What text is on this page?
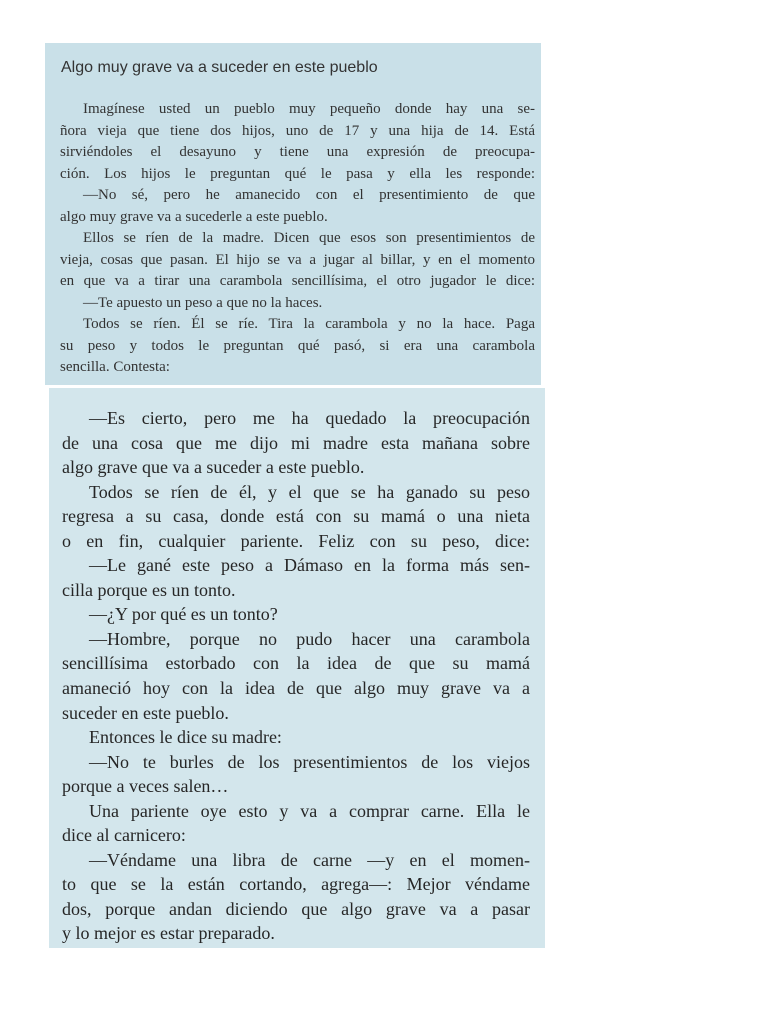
Algo muy grave va a suceder en este pueblo
Imagínese usted un pueblo muy pequeño donde hay una se-
ñora vieja que tiene dos hijos, uno de 17 y una hija de 14. Está
sirviéndoles el desayuno y tiene una expresión de preocupa-
ción. Los hijos le preguntan qué le pasa y ella les responde:
—No sé, pero he amanecido con el presentimiento de que
algo muy grave va a sucederle a este pueblo.
Ellos se ríen de la madre. Dicen que esos son presentimientos de
vieja, cosas que pasan. El hijo se va a jugar al billar, y en el momento
en que va a tirar una carambola sencillísima, el otro jugador le dice:
—Te apuesto un peso a que no la haces.
Todos se ríen. Él se ríe. Tira la carambola y no la hace. Paga
su peso y todos le preguntan qué pasó, si era una carambola
sencilla. Contesta:
—Es cierto, pero me ha quedado la preocupación
de una cosa que me dijo mi madre esta mañana sobre
algo grave que va a suceder a este pueblo.
Todos se ríen de él, y el que se ha ganado su peso
regresa a su casa, donde está con su mamá o una nieta
o en fin, cualquier pariente. Feliz con su peso, dice:
—Le gané este peso a Dámaso en la forma más sen-
cilla porque es un tonto.
—¿Y por qué es un tonto?
—Hombre, porque no pudo hacer una carambola
sencillísima estorbado con la idea de que su mamá
amaneció hoy con la idea de que algo muy grave va a
suceder en este pueblo.
Entonces le dice su madre:
—No te burles de los presentimientos de los viejos
porque a veces salen…
Una pariente oye esto y va a comprar carne. Ella le
dice al carnicero:
—Véndame una libra de carne —y en el momen-
to que se la están cortando, agrega—: Mejor véndame
dos, porque andan diciendo que algo grave va a pasar
y lo mejor es estar preparado.
